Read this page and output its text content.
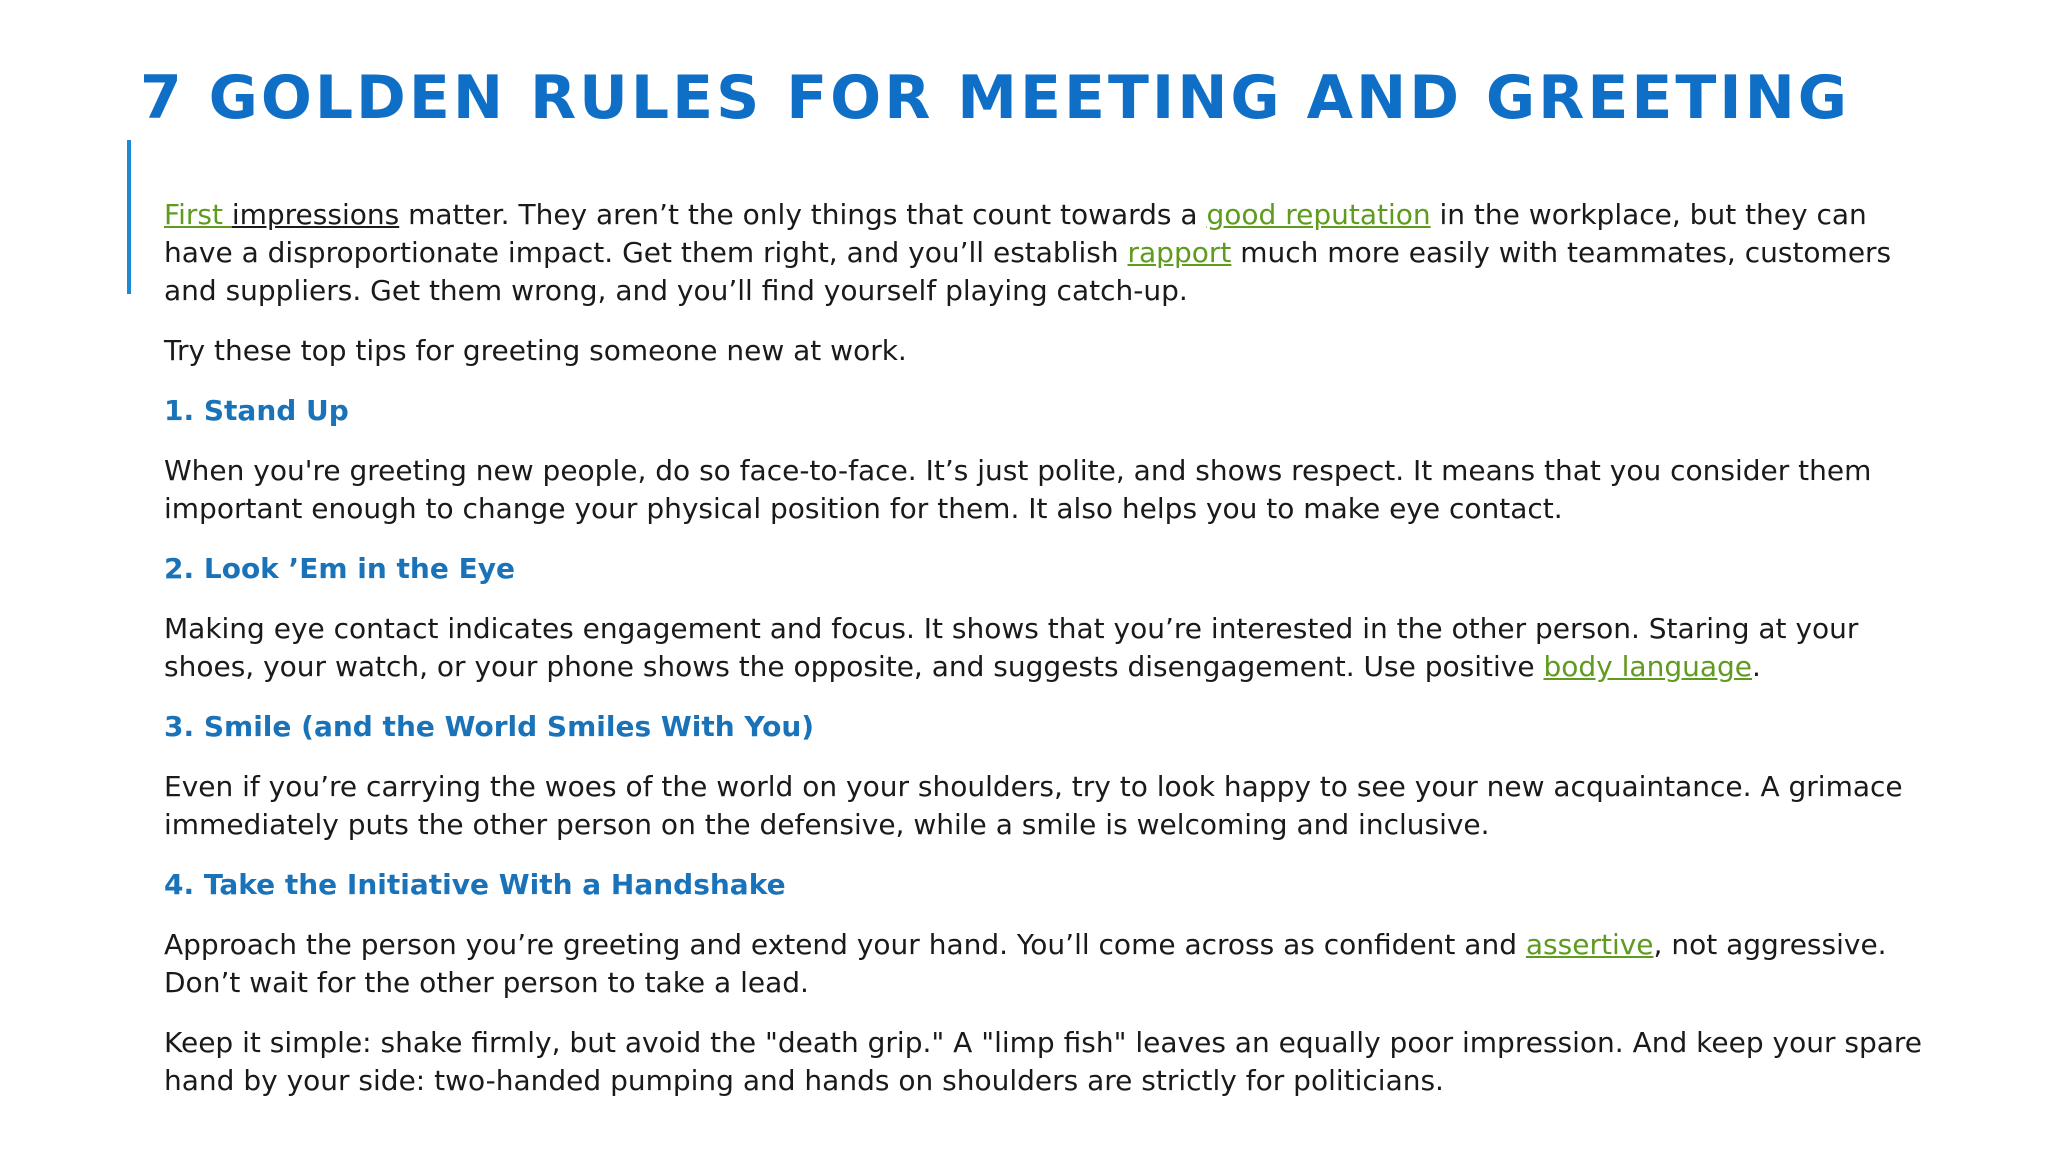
7 GOLDEN RULES FOR MEETING AND GREETING

First impressions matter. They aren’t the only things that count towards a good reputation in the workplace, but they can have a disproportionate impact. Get them right, and you’ll establish rapport much more easily with teammates, customers and suppliers. Get them wrong, and you’ll find yourself playing catch-up.

Try these top tips for greeting someone new at work.

1. Stand Up

When you're greeting new people, do so face-to-face. It’s just polite, and shows respect. It means that you consider them important enough to change your physical position for them. It also helps you to make eye contact.

2. Look ’Em in the Eye

Making eye contact indicates engagement and focus. It shows that you’re interested in the other person. Staring at your shoes, your watch, or your phone shows the opposite, and suggests disengagement. Use positive body language.

3. Smile (and the World Smiles With You)

Even if you’re carrying the woes of the world on your shoulders, try to look happy to see your new acquaintance. A grimace immediately puts the other person on the defensive, while a smile is welcoming and inclusive.

4. Take the Initiative With a Handshake

Approach the person you’re greeting and extend your hand. You’ll come across as confident and assertive, not aggressive. Don’t wait for the other person to take a lead.

Keep it simple: shake firmly, but avoid the "death grip." A "limp fish" leaves an equally poor impression. And keep your spare hand by your side: two-handed pumping and hands on shoulders are strictly for politicians.
